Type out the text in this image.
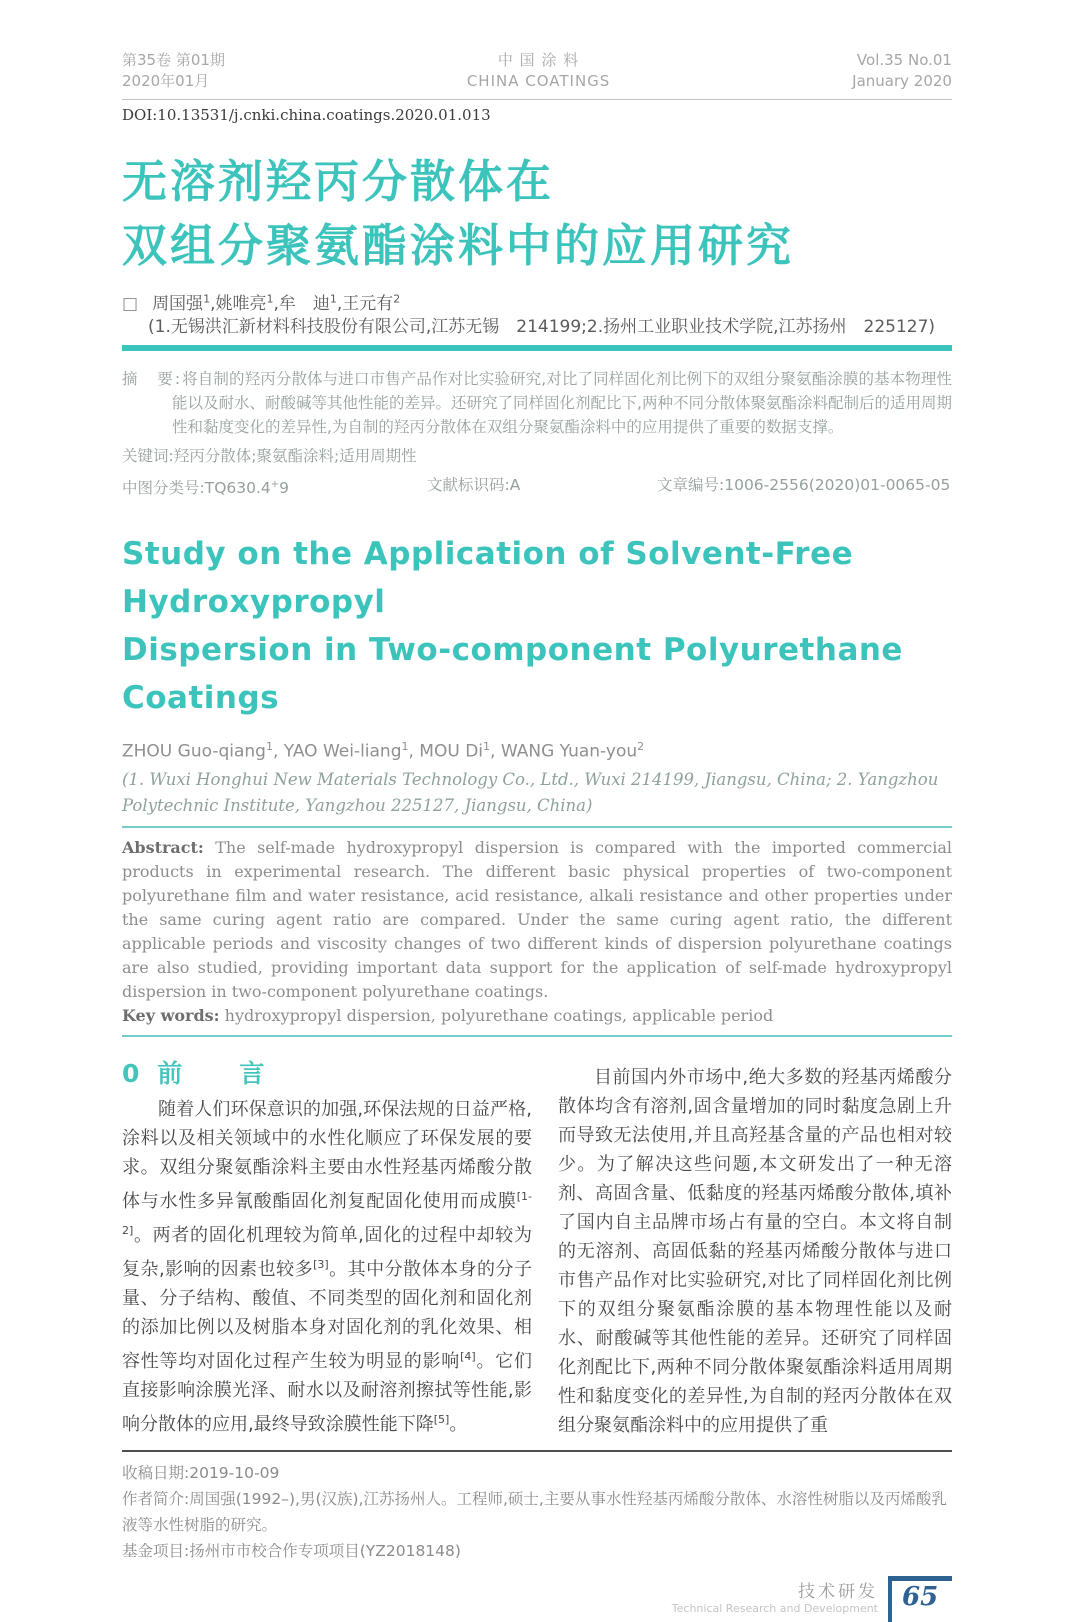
第35卷 第01期
2020年01月
中 国 涂 料
CHINA COATINGS
Vol.35 No.01
January 2020
DOI:10.13531/j.cnki.china.coatings.2020.01.013
无溶剂羟丙分散体在
双组分聚氨酯涂料中的应用研究
□ 周国强$^1$,姚唯亮$^1$,牟　迪$^1$,王元有$^2$
(1.无锡洪汇新材料科技股份有限公司,江苏无锡　214199;2.扬州工业职业技术学院,江苏扬州　225127)
摘　要:将自制的羟丙分散体与进口市售产品作对比实验研究,对比了同样固化剂比例下的双组分聚氨酯涂膜的基本物理性能以及耐水、耐酸碱等其他性能的差异。还研究了同样固化剂配比下,两种不同分散体聚氨酯涂料配制后的适用周期性和黏度变化的差异性,为自制的羟丙分散体在双组分聚氨酯涂料中的应用提供了重要的数据支撑。
关键词:羟丙分散体;聚氨酯涂料;适用周期性
中图分类号:TQ630.4+9	文献标识码:A	文章编号:1006-2556(2020)01-0065-05
Study on the Application of Solvent-Free Hydroxypropyl
Dispersion in Two-component Polyurethane Coatings
ZHOU Guo-qiang$^1$, YAO Wei-liang$^1$, MOU Di$^1$, WANG Yuan-you$^2$
(1. Wuxi Honghui New Materials Technology Co., Ltd., Wuxi 214199, Jiangsu, China; 2. Yangzhou Polytechnic Institute, Yangzhou 225127, Jiangsu, China)
Abstract: The self-made hydroxypropyl dispersion is compared with the imported commercial products in experimental research. The different basic physical properties of two-component polyurethane film and water resistance, acid resistance, alkali resistance and other properties under the same curing agent ratio are compared. Under the same curing agent ratio, the different applicable periods and viscosity changes of two different kinds of dispersion polyurethane coatings are also studied, providing important data support for the application of self-made hydroxypropyl dispersion in two-component polyurethane coatings.
Key words: hydroxypropyl dispersion, polyurethane coatings, applicable period
0 前　言
随着人们环保意识的加强,环保法规的日益严格,涂料以及相关领域中的水性化顺应了环保发展的要求。双组分聚氨酯涂料主要由水性羟基丙烯酸分散体与水性多异氰酸酯固化剂复配固化使用而成膜[1-2]。两者的固化机理较为简单,固化的过程中却较为复杂,影响的因素也较多[3]。其中分散体本身的分子量、分子结构、酸值、不同类型的固化剂和固化剂的添加比例以及树脂本身对固化剂的乳化效果、相容性等均对固化过程产生较为明显的影响[4]。它们直接影响涂膜光泽、耐水以及耐溶剂擦拭等性能,影响分散体的应用,最终导致涂膜性能下降[5]。
目前国内外市场中,绝大多数的羟基丙烯酸分散体均含有溶剂,固含量增加的同时黏度急剧上升而导致无法使用,并且高羟基含量的产品也相对较少。为了解决这些问题,本文研发出了一种无溶剂、高固含量、低黏度的羟基丙烯酸分散体,填补了国内自主品牌市场占有量的空白。本文将自制的无溶剂、高固低黏的羟基丙烯酸分散体与进口市售产品作对比实验研究,对比了同样固化剂比例下的双组分聚氨酯涂膜的基本物理性能以及耐水、耐酸碱等其他性能的差异。还研究了同样固化剂配比下,两种不同分散体聚氨酯涂料适用周期性和黏度变化的差异性,为自制的羟丙分散体在双组分聚氨酯涂料中的应用提供了重
收稿日期:2019-10-09
作者简介:周国强(1992–),男(汉族),江苏扬州人。工程师,硕士,主要从事水性羟基丙烯酸分散体、水溶性树脂以及丙烯酸乳液等水性树脂的研究。
基金项目:扬州市市校合作专项项目(YZ2018148)
技术研发
Technical Research and Development 65
